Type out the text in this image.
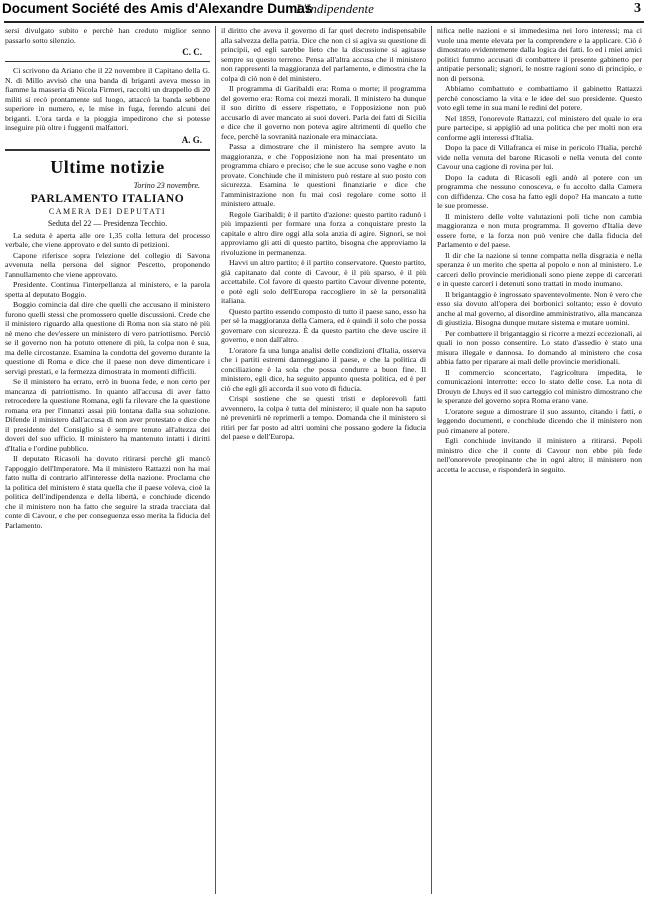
Document Société des Amis d'Alexandre Dumas
L'Indipendente	3

sersi divulgato subito e perchè han creduto miglior senno passarlo sotto silenzio.

C. C.

Ci scrivono da Ariano che il 22 novembre il Capitano della G. N. di Millo avvisò che una banda di briganti aveva messo in fiamme la masseria di Nicola Firmeri, raccolti un drappello di 20 militi si recò prontamente sul luogo, attaccò la banda sebbene superiore in numero, e, le mise in fuga, ferendo alcuni dei briganti. L'ora tarda e la pioggia impedirono che si potesse inseguire più oltre i fuggenti malfattori.

A. G.
Ultime notizie
Torino 23 novembre.
PARLAMENTO ITALIANO
CAMERA DEI DEPUTATI
Seduta del 22 — Presidenza Tecchio.

La seduta è aperta alle ore 1,35 colla lettura del processo verbale, che viene approvato e del sunto di petizioni.

Capone riferisce sopra l'elezione del collegio di Savona avvenuta nella persona del signor Pescetto, proponendo l'annullamento che viene approvato.

Presidente. Continua l'interpellanza al ministero, e la parola spetta al deputato Boggio.

Boggio comincia dal dire che quelli che accusano il ministero furono quelli stessi che promossero quelle discussioni. Crede che il ministero riguardo alla questione di Roma non sia stato nè più nè meno che dev'essere un ministero di vero patriottismo. Perciò se il governo non ha potuto ottenere di più, la colpa non è sua, ma delle circostanze. Esamina la condotta del governo durante la questione di Roma e dice che il paese non deve dimenticare i servigi prestati, e la fermezza dimostrata in momenti difficili.

Se il ministero ha errato, errò in buona fede, e non certo per mancanza di patriottismo. In quanto all'accusa di aver fatto retrocedere la questione Romana, egli fa rilevare che la questione romana era per l'innanzi assai più lontana dalla sua soluzione. Difende il ministero dall'accusa di non aver protestato e dice che il presidente del Consiglio si è sempre tenuto all'altezza dei doveri del suo ufficio. Il ministero ha mantenuto intatti i diritti d'Italia e l'ordine pubblico.

Il deputato Ricasoli ha dovuto ritirarsi perchè gli mancò l'appoggio dell'Imperatore. Ma il ministero Rattazzi non ha mai fatto nulla di contrario all'interesse della nazione. Proclama che la politica del ministero è stata quella che il paese voleva, cioè la politica dell'indipendenza e della libertà, e conchiude dicendo che il ministero non ha fatto che seguire la strada tracciata dal conte di Cavour, e che per conseguenza esso merita la fiducia del Parlamento.

il diritto che aveva il governo di far quel decreto indispensabile alla salvezza della patria. Dice che non ci si agiva su questione di principii, ed egli sarebbe lieto che la discussione si agitasse sempre su questo terreno. Pensa all'altra accusa che il ministero non rappresenti la maggioranza del parlamento, e dimostra che la colpa di ciò non è del ministero.

Il programma di Garibaldi era: Roma o morte; il programma del governo era: Roma coi mezzi morali. Il ministero ha dunque il suo diritto di essere rispettato, e l'opposizione non può accusarlo di aver mancato ai suoi doveri. Parla dei fatti di Sicilia e dice che il governo non poteva agire altrimenti di quello che fece, perchè la sovranità nazionale era minacciata.

Passa a dimostrare che il ministero ha sempre avuto la maggioranza, e che l'opposizione non ha mai presentato un programma chiaro e preciso; che le sue accuse sono vaghe e non provate. Conchiude che il ministero può restare al suo posto con sicurezza. Esamina le questioni finanziarie e dice che l'amministrazione non fu mai così regolare come sotto il ministero attuale.

Regole Garibaldi; è il partito d'azione: questo partito radunò i più impazienti per formare una forza a conquistare presto la capitale e altro dire oggi alla sola anzia di agire. Signori, se noi approviamo gli atti di questo partito, bisogna che approviamo la rivoluzione in permanenza.

Havvi un altro partito; è il partito conservatore. Questo partito, già capitanato dal conte di Cavour, è il più sparso, è il più accettabile. Col favore di questo partito Cavour divenne potente, e potè egli solo dell'Europa raccogliere in sè la personalità italiana.

Questo partito essendo composto di tutto il paese sano, esso ha per sè la maggioranza della Camera, ed è quindi il solo che possa governare con sicurezza. È da questo partito che deve uscire il governo, e non dall'altro.

L'oratore fa una lunga analisi delle condizioni d'Italia, osserva che i partiti estremi danneggiano il paese, e che la politica di conciliazione è la sola che possa condurre a buon fine. Il ministero, egli dice, ha seguito appunto questa politica, ed è per ciò che egli gli accorda il suo voto di fiducia.

Crispi sostiene che se questi tristi e deplorevoli fatti avvennero, la colpa è tutta del ministero; il quale non ha saputo nè prevenirli nè reprimerli a tempo. Domanda che il ministero si ritiri per far posto ad altri uomini che possano godere la fiducia del paese e dell'Europa.

nifica nelle nazioni e si immedesima nei loro interessi; ma ci vuole una mente elevata per la comprendere e la applicare. Ciò è dimostrato evidentemente dalla logica dei fatti. Io ed i miei amici politici fummo accusati di combattere il presente gabinetto per antipatie personali; signori, le nostre ragioni sono di principio, e non di persona.

Abbiamo combattuto e combattiamo il gabinetto Rattazzi perchè conosciamo la vita e le idee del suo presidente. Questo voto egli teme in sua mani le redini del potere.

Nel 1859, l'onorevole Rattazzi, col ministero del quale io era pure partecipe, si appigliò ad una politica che per molti non era conforme agli interessi d'Italia.

Dopo la pace di Villafranca ei mise in pericolo l'Italia, perchè vide nella venuta del barone Ricasoli e nella venuta del conte Cavour una cagione di rovina per lui.

Dopo la caduta di Ricasoli egli andò al potere con un programma che nessuno conosceva, e fu accolto dalla Camera con diffidenza. Che cosa ha fatto egli dopo? Ha mancato a tutte le sue promesse.

Il ministero delle volte valutazioni poli tiche non cambia maggioranza e non muta programma. Il governo d'Italia deve essere forte, e la forza non può venire che dalla fiducia del Parlamento e del paese.

Il dir che la nazione si tenne compatta nella disgrazia e nella speranza è un merito che spetta al popolo e non al ministero. Le carceri dello provincie meridionali sono piene zeppe di carcerati e in queste carceri i detenuti sono trattati in modo inumano.

Il brigantaggio è ingrossato spaventevolmente. Non è vero che esso sia dovuto all'opera dei borbonici soltanto; esso è dovuto anche al mal governo, al disordine amministrativo, alla mancanza di giustizia. Bisogna dunque mutare sistema e mutare uomini.

Per combattere il brigantaggio si ricorre a mezzi eccezionali, ai quali io non posso consentire. Lo stato d'assedio è stato una misura illegale e dannosa. Io domando al ministero che cosa abbia fatto per riparare ai mali delle provincie meridionali.

Il commercio sconcertato, l'agricoltura impedita, le comunicazioni interrotte: ecco lo stato delle cose. La nota di Drouyn de Lhuys ed il suo carteggio col ministro dimostrano che le speranze del governo sopra Roma erano vane.

L'oratore segue a dimostrare il suo assunto, citando i fatti, e leggendo documenti, e conchiude dicendo che il ministero non può rimanere al potere.

Egli conchiude invitando il ministero a ritirarsi. Pepoli ministro dice che il conte di Cavour non ebbe più fede nell'onorevole preopinante che in ogni altro; il ministero non accetta le accuse, e risponderà in seguito.
